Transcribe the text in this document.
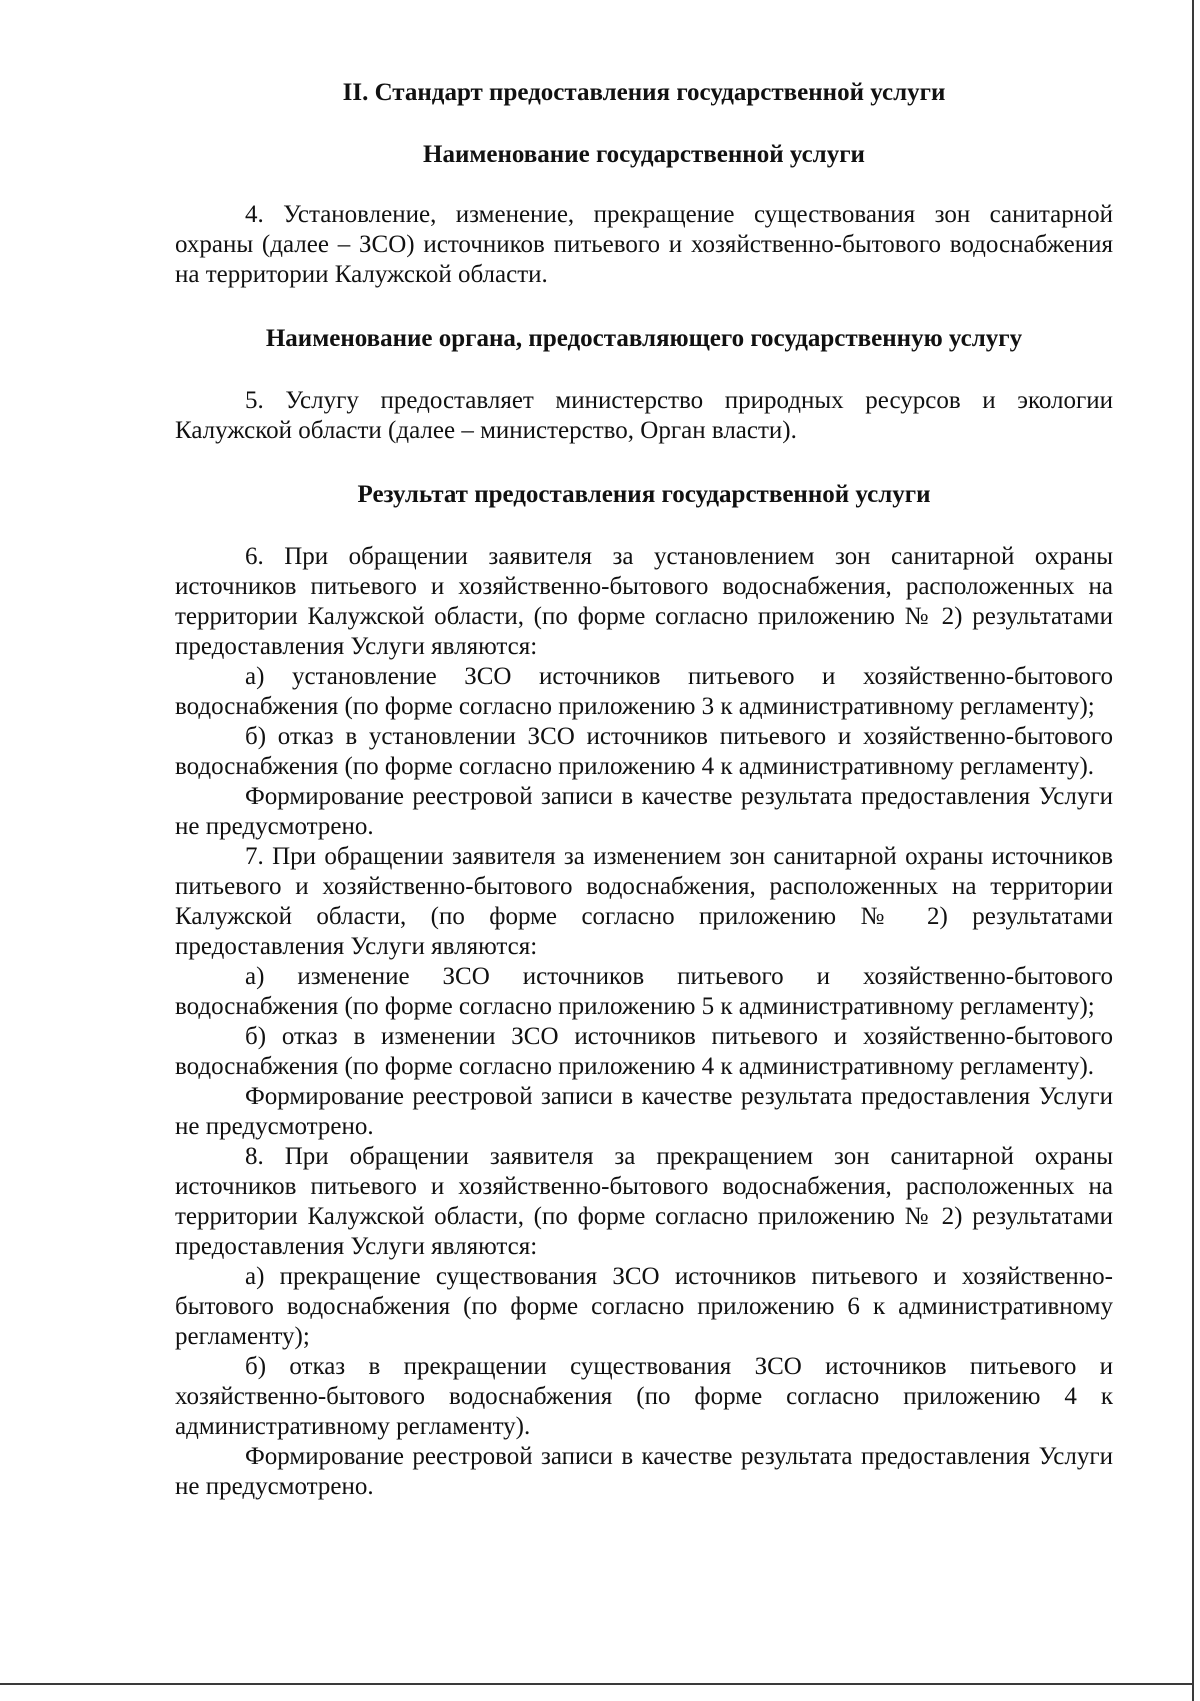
II. Стандарт предоставления государственной услуги
Наименование государственной услуги

4. Установление, изменение, прекращение существования зон санитарной охраны (далее – ЗСО) источников питьевого и хозяйственно-бытового водоснабжения на территории Калужской области.

Наименование органа, предоставляющего государственную услугу

5. Услугу предоставляет министерство природных ресурсов и экологии Калужской области (далее – министерство, Орган власти).

Результат предоставления государственной услуги

6. При обращении заявителя за установлением зон санитарной охраны источников питьевого и хозяйственно-бытового водоснабжения, расположенных на территории Калужской области, (по форме согласно приложению № 2) результатами предоставления Услуги являются:

а) установление ЗСО источников питьевого и хозяйственно-бытового водоснабжения (по форме согласно приложению 3 к административному регламенту);

б) отказ в установлении ЗСО источников питьевого и хозяйственно-бытового водоснабжения (по форме согласно приложению 4 к административному регламенту).

Формирование реестровой записи в качестве результата предоставления Услуги не предусмотрено.

7. При обращении заявителя за изменением зон санитарной охраны источников питьевого и хозяйственно-бытового водоснабжения, расположенных на территории Калужской области, (по форме согласно приложению № 2) результатами предоставления Услуги являются:

а) изменение ЗСО источников питьевого и хозяйственно-бытового водоснабжения (по форме согласно приложению 5 к административному регламенту);

б) отказ в изменении ЗСО источников питьевого и хозяйственно-бытового водоснабжения (по форме согласно приложению 4 к административному регламенту).

Формирование реестровой записи в качестве результата предоставления Услуги не предусмотрено.

8. При обращении заявителя за прекращением зон санитарной охраны источников питьевого и хозяйственно-бытового водоснабжения, расположенных на территории Калужской области, (по форме согласно приложению № 2) результатами предоставления Услуги являются:

а) прекращение существования ЗСО источников питьевого и хозяйственно-бытового водоснабжения (по форме согласно приложению 6 к административному регламенту);

б) отказ в прекращении существования ЗСО источников питьевого и хозяйственно-бытового водоснабжения (по форме согласно приложению 4 к административному регламенту).

Формирование реестровой записи в качестве результата предоставления Услуги не предусмотрено.
